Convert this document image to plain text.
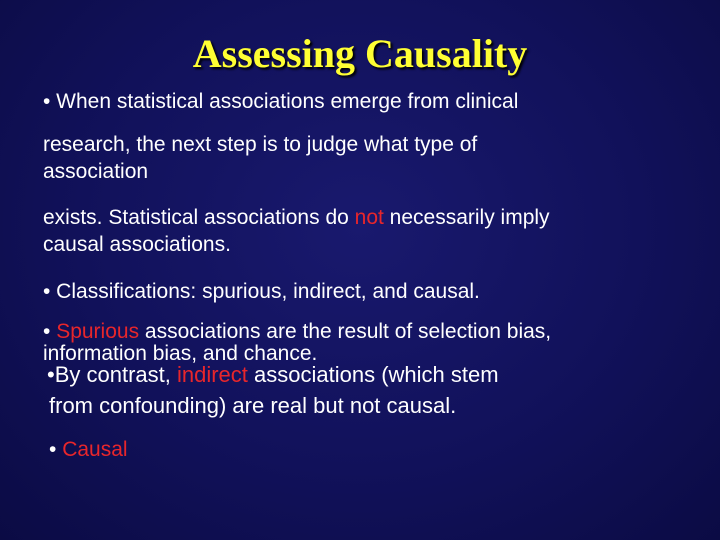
Assessing Causality
• When statistical associations emerge from clinical
research, the next step is to judge what type of
association
exists. Statistical associations do not necessarily imply
causal associations.
• Classifications: spurious, indirect, and causal.
• Spurious associations are the result of selection bias,
information bias, and chance.
•By contrast, indirect associations (which stem
from confounding) are real but not causal.
• Causal
